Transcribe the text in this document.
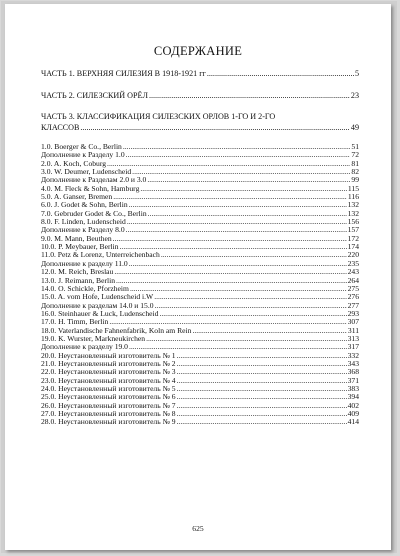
СОДЕРЖАНИЕ
ЧАСТЬ 1. ВЕРХНЯЯ СИЛЕЗИЯ В 1918-1921 гг .....	5
ЧАСТЬ 2. СИЛЕЗСКИЙ ОРЁЛ .....	23
ЧАСТЬ 3. КЛАССИФИКАЦИЯ СИЛЕЗСКИХ ОРЛОВ 1-ГО И 2-ГО
КЛАССОВ .....	49
1.0. Boerger & Co., Berlin .....	51
Дополнение к Разделу 1.0 .....	72
2.0. A. Koch, Coburg .....	81
3.0. W. Deumer, Ludenscheid .....	82
Дополнение к Разделам 2.0 и 3.0 .....	99
4.0. M. Fleck & Sohn, Hamburg .....	115
5.0. A. Ganser, Bremen .....	116
6.0. J. Godet & Sohn, Berlin .....	132
7.0. Gebruder Godet & Co., Berlin .....	132
8.0. F. Linden, Ludenscheid .....	156
Дополнение к Разделу 8.0 .....	157
9.0. M. Mann, Beuthen .....	172
10.0. P. Meybauer, Berlin .....	174
11.0. Petz & Lorenz, Unterreichenbach .....	220
Дополнение к разделу 11.0 .....	235
12.0. M. Reich, Breslau .....	243
13.0. J. Reimann, Berlin .....	264
14.0. O. Schickle, Pforzheim .....	275
15.0. A. vom Hofe, Ludenscheid i.W .....	276
Дополнение к разделам 14.0 и 15.0 .....	277
16.0. Steinhauer & Luck, Ludenscheid .....	293
17.0. H. Timm, Berlin .....	307
18.0. Vaterlandische Fahnenfabrik, Koln am Rein .....	311
19.0. K. Wurster, Markneukirchen .....	313
Дополнение к разделу 19.0 .....	317
20.0. Неустановленный изготовитель № 1 .....	332
21.0. Неустановленный изготовитель № 2 .....	343
22.0. Неустановленный изготовитель № 3 .....	368
23.0. Неустановленный изготовитель № 4 .....	371
24.0. Неустановленный изготовитель № 5 .....	383
25.0. Неустановленный изготовитель № 6 .....	394
26.0. Неустановленный изготовитель № 7 .....	402
27.0. Неустановленный изготовитель № 8 .....	409
28.0. Неустановленный изготовитель № 9 .....	414
625
